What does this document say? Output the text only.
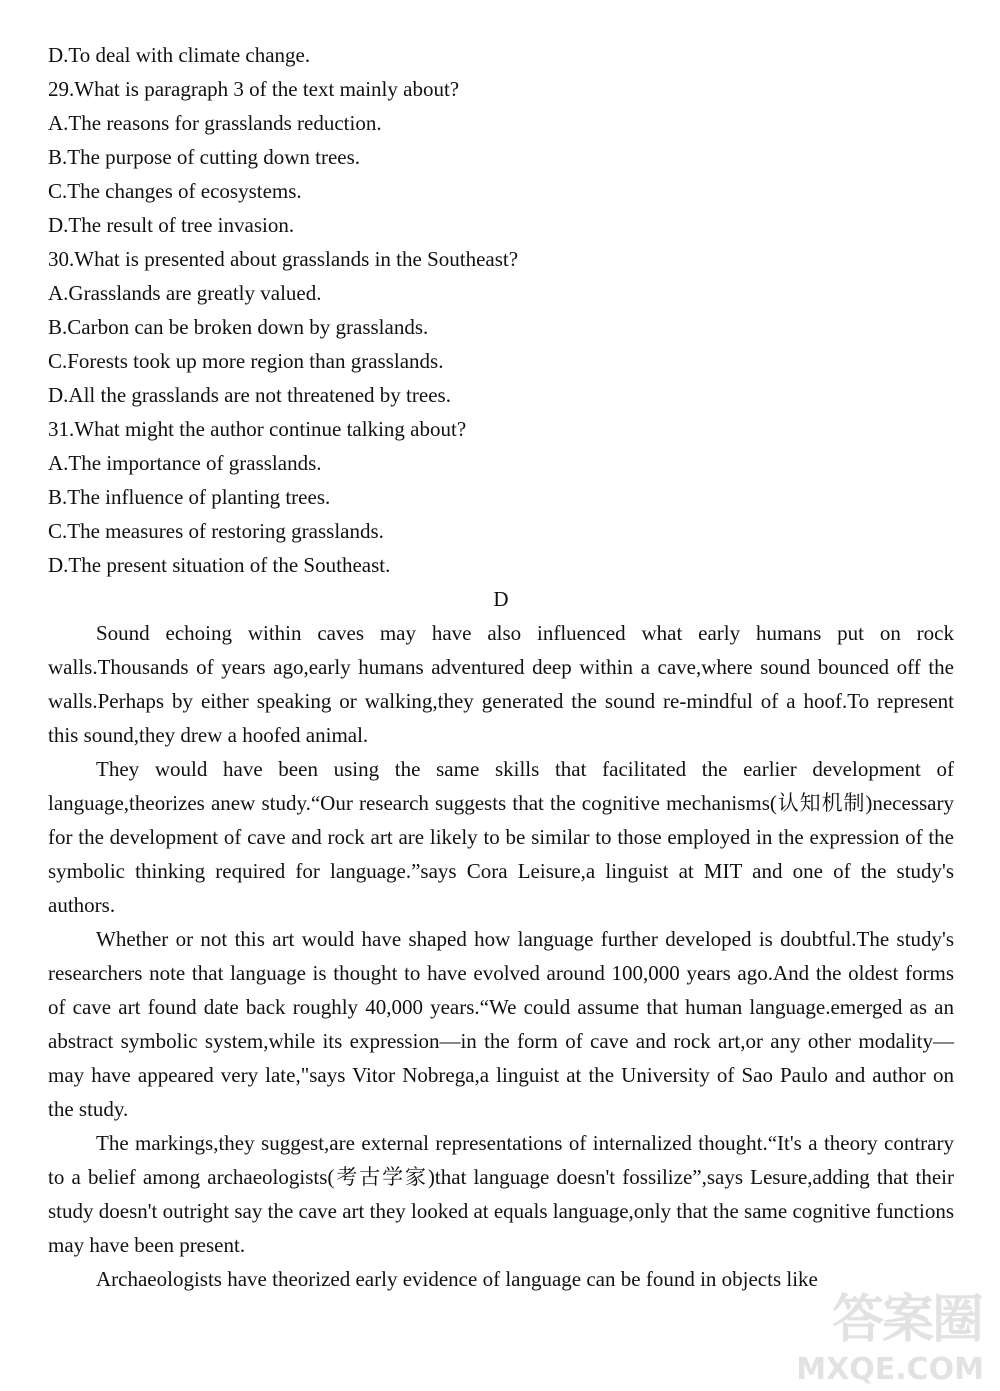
D.To deal with climate change.
29.What is paragraph 3 of the text mainly about?
A.The reasons for grasslands reduction.
B.The purpose of cutting down trees.
C.The changes of ecosystems.
D.The result of tree invasion.
30.What is presented about grasslands in the Southeast?
A.Grasslands are greatly valued.
B.Carbon can be broken down by grasslands.
C.Forests took up more region than grasslands.
D.All the grasslands are not threatened by trees.
31.What might the author continue talking about?
A.The importance of grasslands.
B.The influence of planting trees.
C.The measures of restoring grasslands.
D.The present situation of the Southeast.
D

Sound echoing within caves may have also influenced what early humans put on rock walls.Thousands of years ago,early humans adventured deep within a cave,where sound bounced off the walls.Perhaps by either speaking or walking,they generated the sound re-mindful of a hoof.To represent this sound,they drew a hoofed animal.

They would have been using the same skills that facilitated the earlier development of language,theorizes anew study.“Our research suggests that the cognitive mechanisms(认知机制)necessary for the development of cave and rock art are likely to be similar to those employed in the expression of the symbolic thinking required for language.”says Cora Leisure,a linguist at MIT and one of the study's authors.

Whether or not this art would have shaped how language further developed is doubtful.The study's researchers note that language is thought to have evolved around 100,000 years ago.And the oldest forms of cave art found date back roughly 40,000 years.“We could assume that human language.emerged as an abstract symbolic system,while its expression—in the form of cave and rock art,or any other modality—may have appeared very late,"says Vitor Nobrega,a linguist at the University of Sao Paulo and author on the study.

The markings,they suggest,are external representations of internalized thought.“It's a theory contrary to a belief among archaeologists(考古学家)that language doesn't fossilize”,says Lesure,adding that their study doesn't outright say the cave art they looked at equals language,only that the same cognitive functions may have been present.

Archaeologists have theorized early evidence of language can be found in objects like

答案圈
MXQE.COM
